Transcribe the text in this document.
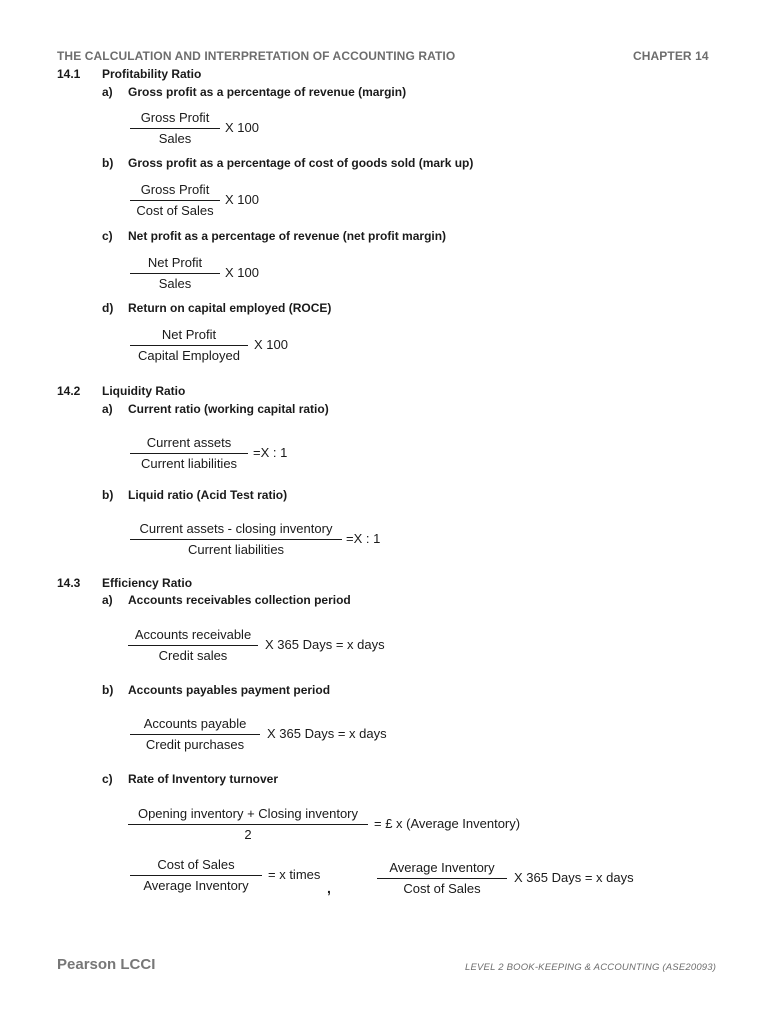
THE CALCULATION AND INTERPRETATION OF ACCOUNTING RATIO	CHAPTER 14
14.1 Profitability Ratio
a) Gross profit as a percentage of revenue (margin)
Gross Profit
Sales
X 100
b) Gross profit as a percentage of cost of goods sold (mark up)
Gross Profit
Cost of Sales
X 100
c) Net profit as a percentage of revenue (net profit margin)
Net Profit
Sales
X 100
d) Return on capital employed (ROCE)
Net Profit
Capital Employed
X 100
14.2 Liquidity Ratio
a) Current ratio (working capital ratio)
Current assets
Current liabilities
=X : 1
b) Liquid ratio (Acid Test ratio)
Current assets - closing inventory
Current liabilities
=X : 1
14.3 Efficiency Ratio
a) Accounts receivables collection period
Accounts receivable
Credit sales
X 365 Days = x days
b) Accounts payables payment period
Accounts payable
Credit purchases
X 365 Days = x days
c) Rate of Inventory turnover
Opening inventory + Closing inventory
2
= £ x (Average Inventory)
Cost of Sales
Average Inventory
= x times
,
Average Inventory
Cost of Sales
X 365 Days = x days
Pearson LCCI	LEVEL 2 BOOK-KEEPING & ACCOUNTING (ASE20093)
